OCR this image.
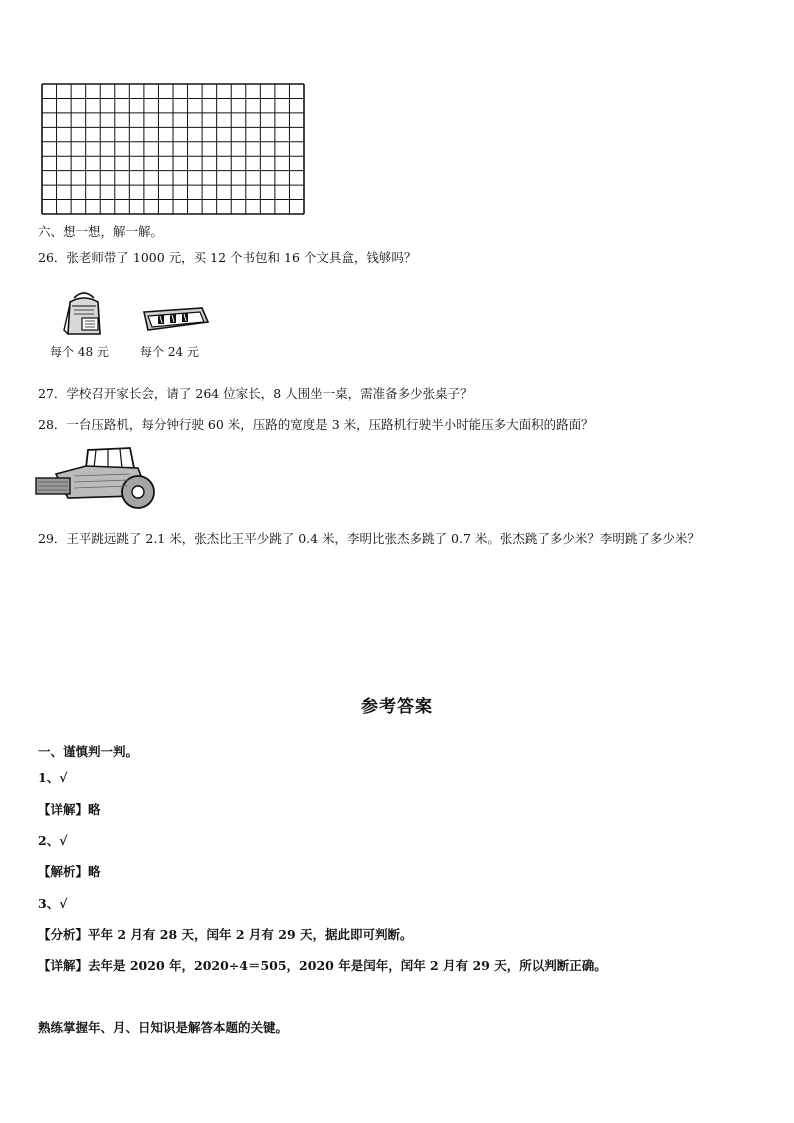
六、想一想，解一解。
26．张老师带了 1000 元，买 12 个书包和 16 个文具盒，钱够吗？
每个 48 元	每个 24 元
27．学校召开家长会，请了 264 位家长，8 人围坐一桌，需准备多少张桌子？
28．一台压路机，每分钟行驶 60 米，压路的宽度是 3 米，压路机行驶半小时能压多大面积的路面？
29．王平跳远跳了 2.1 米，张杰比王平少跳了 0.4 米，李明比张杰多跳了 0.7 米。张杰跳了多少米？李明跳了多少米？
参考答案
一、谨慎判一判。
1、√
【详解】略
2、√
【解析】略
3、√
【分析】平年 2 月有 28 天，闰年 2 月有 29 天，据此即可判断。
【详解】去年是 2020 年，2020÷4＝505，2020 年是闰年，闰年 2 月有 29 天，所以判断正确。
熟练掌握年、月、日知识是解答本题的关键。
